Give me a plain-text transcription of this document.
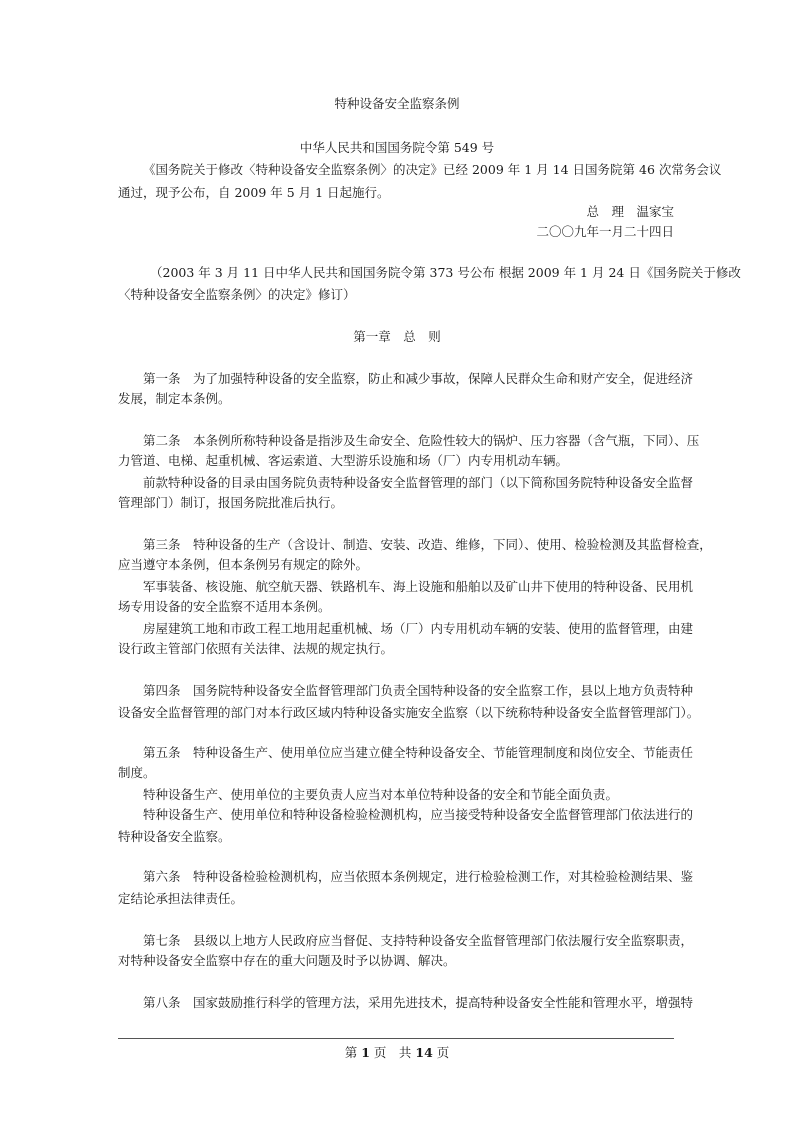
特种设备安全监察条例
中华人民共和国国务院令第 549 号
《国务院关于修改〈特种设备安全监察条例〉的决定》已经 2009 年 1 月 14 日国务院第 46 次常务会议
通过，现予公布，自 2009 年 5 月 1 日起施行。
总　理　温家宝
二〇〇九年一月二十四日
（2003 年 3 月 11 日中华人民共和国国务院令第 373 号公布 根据 2009 年 1 月 24 日《国务院关于修改
〈特种设备安全监察条例〉的决定》修订）
第一章　总　则
第一条　为了加强特种设备的安全监察，防止和减少事故，保障人民群众生命和财产安全，促进经济
发展，制定本条例。
第二条　本条例所称特种设备是指涉及生命安全、危险性较大的锅炉、压力容器（含气瓶，下同）、压
力管道、电梯、起重机械、客运索道、大型游乐设施和场（厂）内专用机动车辆。
前款特种设备的目录由国务院负责特种设备安全监督管理的部门（以下简称国务院特种设备安全监督
管理部门）制订，报国务院批准后执行。
第三条　特种设备的生产（含设计、制造、安装、改造、维修，下同）、使用、检验检测及其监督检查，
应当遵守本条例，但本条例另有规定的除外。
军事装备、核设施、航空航天器、铁路机车、海上设施和船舶以及矿山井下使用的特种设备、民用机
场专用设备的安全监察不适用本条例。
房屋建筑工地和市政工程工地用起重机械、场（厂）内专用机动车辆的安装、使用的监督管理，由建
设行政主管部门依照有关法律、法规的规定执行。
第四条　国务院特种设备安全监督管理部门负责全国特种设备的安全监察工作，县以上地方负责特种
设备安全监督管理的部门对本行政区域内特种设备实施安全监察（以下统称特种设备安全监督管理部门）。
第五条　特种设备生产、使用单位应当建立健全特种设备安全、节能管理制度和岗位安全、节能责任
制度。
特种设备生产、使用单位的主要负责人应当对本单位特种设备的安全和节能全面负责。
特种设备生产、使用单位和特种设备检验检测机构，应当接受特种设备安全监督管理部门依法进行的
特种设备安全监察。
第六条　特种设备检验检测机构，应当依照本条例规定，进行检验检测工作，对其检验检测结果、鉴
定结论承担法律责任。
第七条　县级以上地方人民政府应当督促、支持特种设备安全监督管理部门依法履行安全监察职责，
对特种设备安全监察中存在的重大问题及时予以协调、解决。
第八条　国家鼓励推行科学的管理方法，采用先进技术，提高特种设备安全性能和管理水平，增强特
第 1 页　共 14 页
